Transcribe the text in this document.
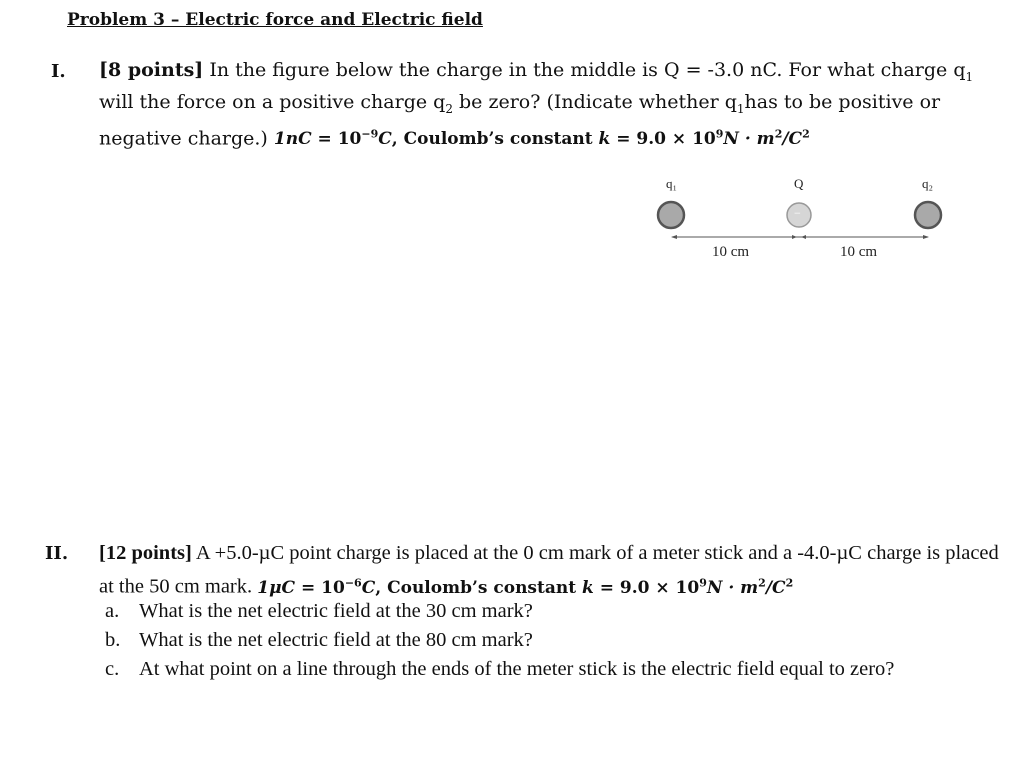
Problem 3 – Electric force and Electric field
I. [8 points] In the figure below the charge in the middle is Q = -3.0 nC. For what charge $q_1$ will the force on a positive charge $q_2$ be zero? (Indicate whether $q_1has$ to be positive or negative charge.) $1nC = 10^{-9}C$, Coulomb’s constant $k = 9.0 \times 10^9N \cdot m^2/C^2$
q₁	Q	q₂
−
10 cm	10 cm
II. [12 points] A +5.0-µC point charge is placed at the 0 cm mark of a meter stick and a -4.0-µC charge is placed at the 50 cm mark. $1\mu C = 10^{-6}C$, Coulomb’s constant $k = 9.0 \times 10^9N \cdot m^2/C^2$
a. What is the net electric field at the 30 cm mark?
b. What is the net electric field at the 80 cm mark?
c. At what point on a line through the ends of the meter stick is the electric field equal to zero?
